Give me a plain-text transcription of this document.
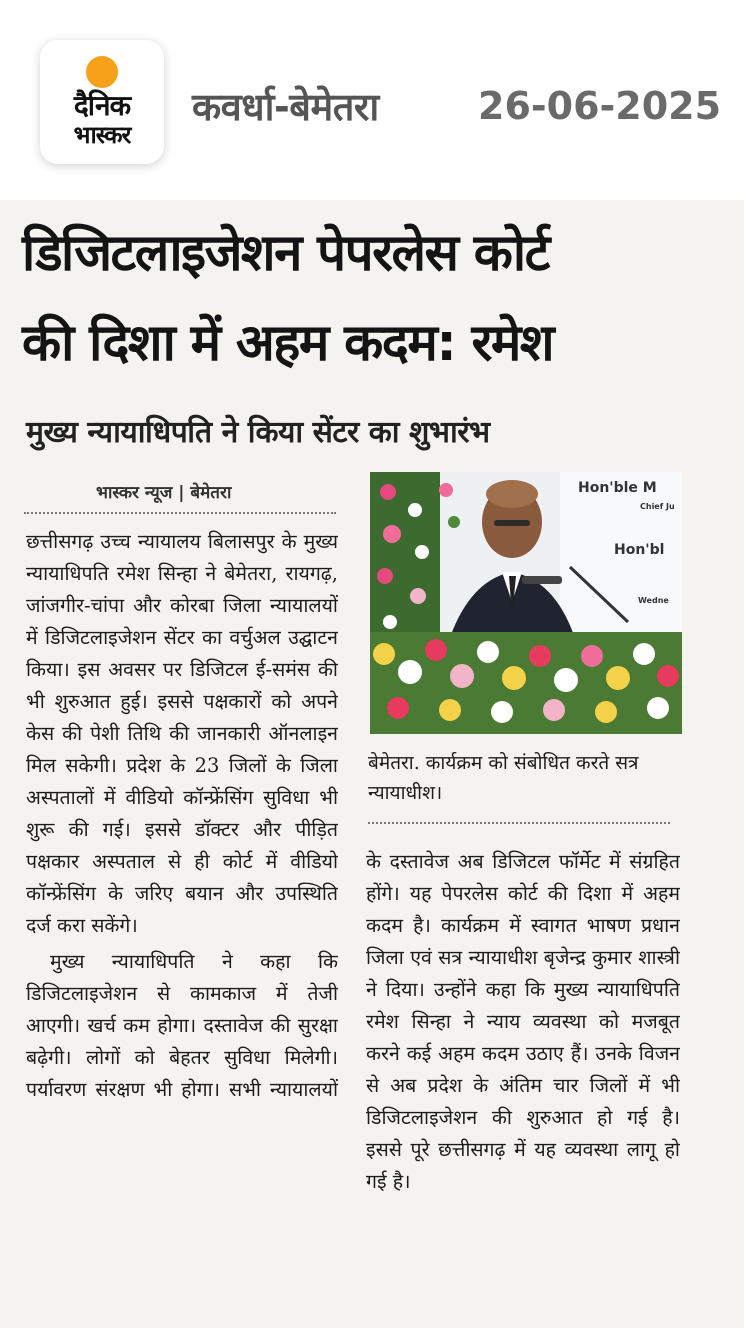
दैनिक
भास्कर
कवर्धा-बेमेतरा	26-06-2025
डिजिटलाइजेशन पेपरलेस कोर्ट
की दिशा में अहम कदम: रमेश
मुख्य न्यायाधिपति ने किया सेंटर का शुभारंभ
भास्कर न्यूज | बेमेतरा

छत्तीसगढ़ उच्च न्यायालय बिलासपुर के मुख्य न्यायाधिपति रमेश सिन्हा ने बेमेतरा, रायगढ़, जांजगीर-चांपा और कोरबा जिला न्यायालयों में डिजिटलाइजेशन सेंटर का वर्चुअल उद्घाटन किया। इस अवसर पर डिजिटल ई-समंस की भी शुरुआत हुई। इससे पक्षकारों को अपने केस की पेशी तिथि की जानकारी ऑनलाइन मिल सकेगी। प्रदेश के 23 जिलों के जिला अस्पतालों में वीडियो कॉन्फ्रेंसिंग सुविधा भी शुरू की गई। इससे डॉक्टर और पीड़ित पक्षकार अस्पताल से ही कोर्ट में वीडियो कॉन्फ्रेंसिंग के जरिए बयान और उपस्थिति दर्ज करा सकेंगे।

मुख्य न्यायाधिपति ने कहा कि डिजिटलाइजेशन से कामकाज में तेजी आएगी। खर्च कम होगा। दस्तावेज की सुरक्षा बढ़ेगी। लोगों को बेहतर सुविधा मिलेगी। पर्यावरण संरक्षण भी होगा। सभी न्यायालयों

Hon'ble M
Chief Ju
Hon'bl
Wedne
बेमेतरा. कार्यक्रम को संबोधित करते सत्र न्यायाधीश।

के दस्तावेज अब डिजिटल फॉर्मेट में संग्रहित होंगे। यह पेपरलेस कोर्ट की दिशा में अहम कदम है। कार्यक्रम में स्वागत भाषण प्रधान जिला एवं सत्र न्यायाधीश बृजेन्द्र कुमार शास्त्री ने दिया। उन्होंने कहा कि मुख्य न्यायाधिपति रमेश सिन्हा ने न्याय व्यवस्था को मजबूत करने कई अहम कदम उठाए हैं। उनके विजन से अब प्रदेश के अंतिम चार जिलों में भी डिजिटलाइजेशन की शुरुआत हो गई है। इससे पूरे छत्तीसगढ़ में यह व्यवस्था लागू हो गई है।
